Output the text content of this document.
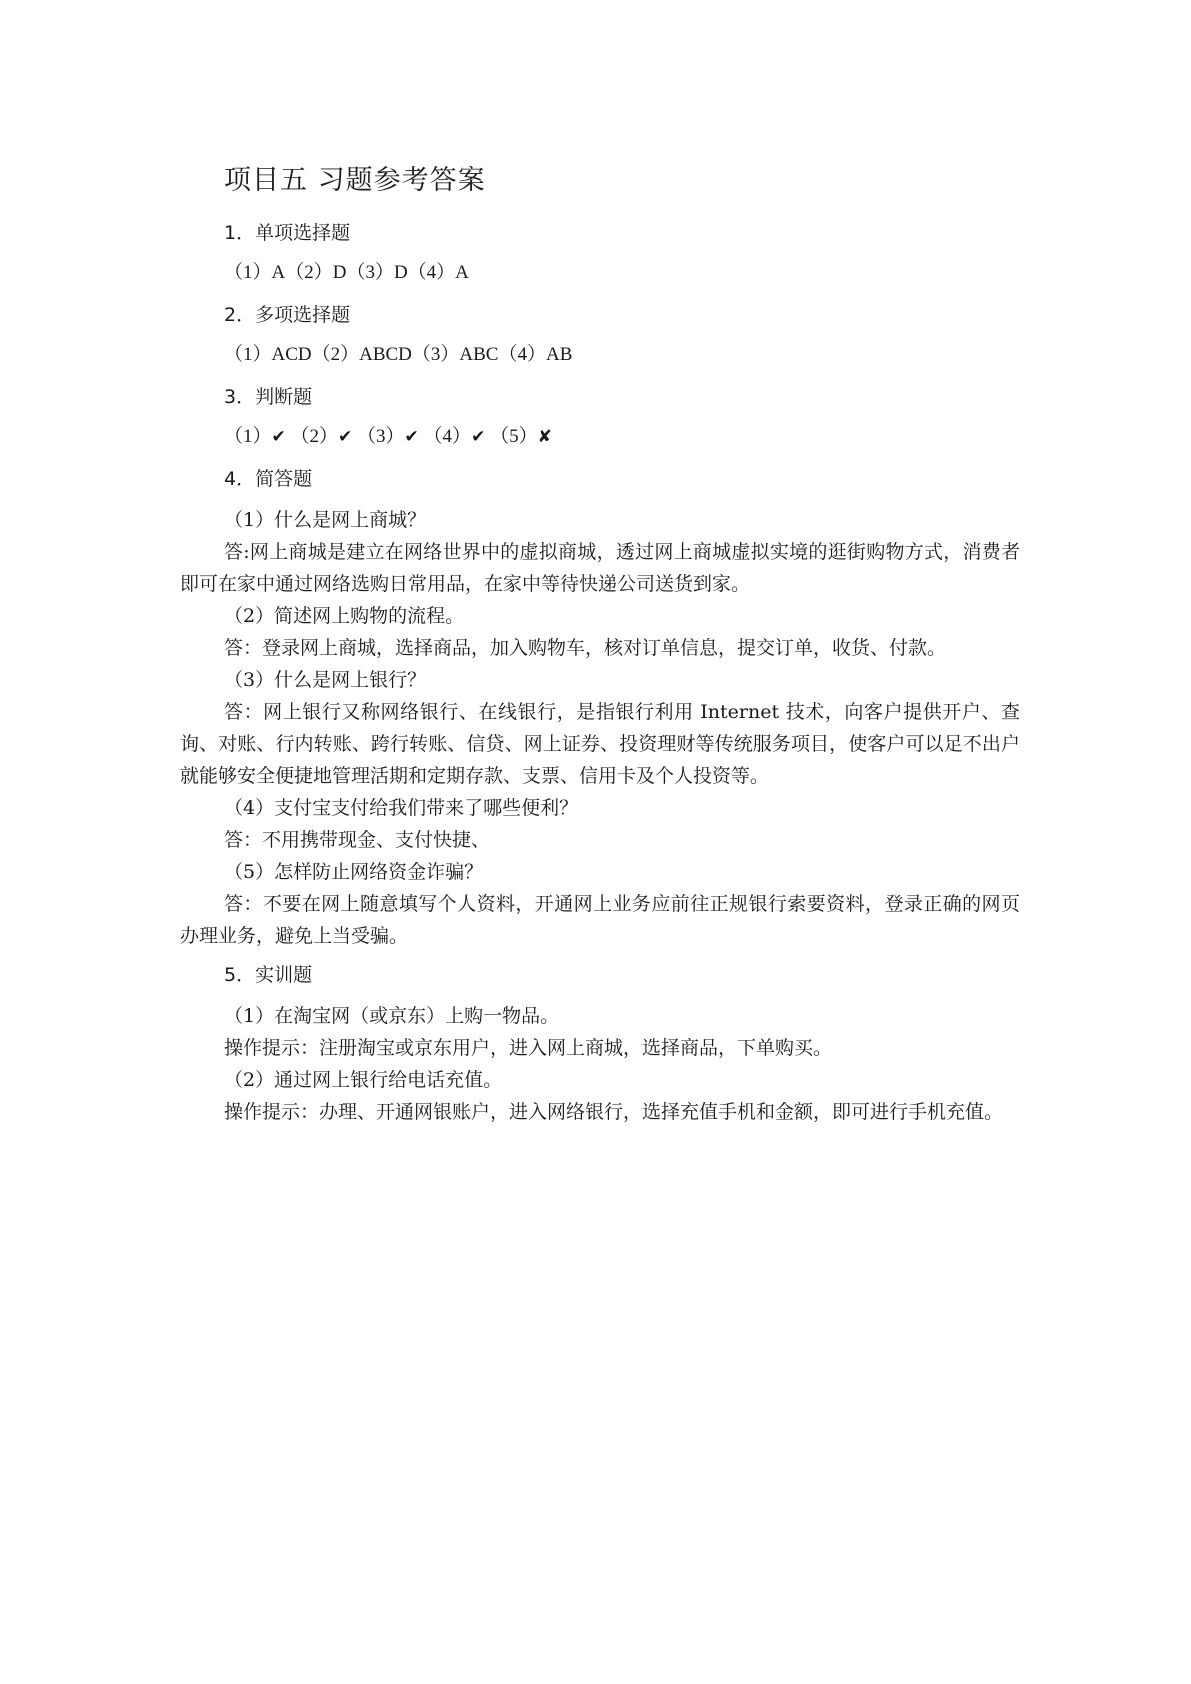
项目五 习题参考答案
1．单项选择题
（1）A（2）D（3）D（4）A
2．多项选择题
（1）ACD（2）ABCD（3）ABC（4）AB
3．判断题
（1）✔ （2）✔ （3）✔ （4）✔ （5）✘
4．简答题

（1）什么是网上商城？

答:网上商城是建立在网络世界中的虚拟商城，透过网上商城虚拟实境的逛街购物方式，消费者即可在家中通过网络选购日常用品，在家中等待快递公司送货到家。

（2）简述网上购物的流程。

答：登录网上商城，选择商品，加入购物车，核对订单信息，提交订单，收货、付款。

（3）什么是网上银行？

答：网上银行又称网络银行、在线银行，是指银行利用 Internet 技术，向客户提供开户、查询、对账、行内转账、跨行转账、信贷、网上证券、投资理财等传统服务项目，使客户可以足不出户就能够安全便捷地管理活期和定期存款、支票、信用卡及个人投资等。

（4）支付宝支付给我们带来了哪些便利？

答：不用携带现金、支付快捷、

（5）怎样防止网络资金诈骗？

答：不要在网上随意填写个人资料，开通网上业务应前往正规银行索要资料，登录正确的网页办理业务，避免上当受骗。

5．实训题

（1）在淘宝网（或京东）上购一物品。

操作提示：注册淘宝或京东用户，进入网上商城，选择商品，下单购买。

（2）通过网上银行给电话充值。

操作提示：办理、开通网银账户，进入网络银行，选择充值手机和金额，即可进行手机充值。
